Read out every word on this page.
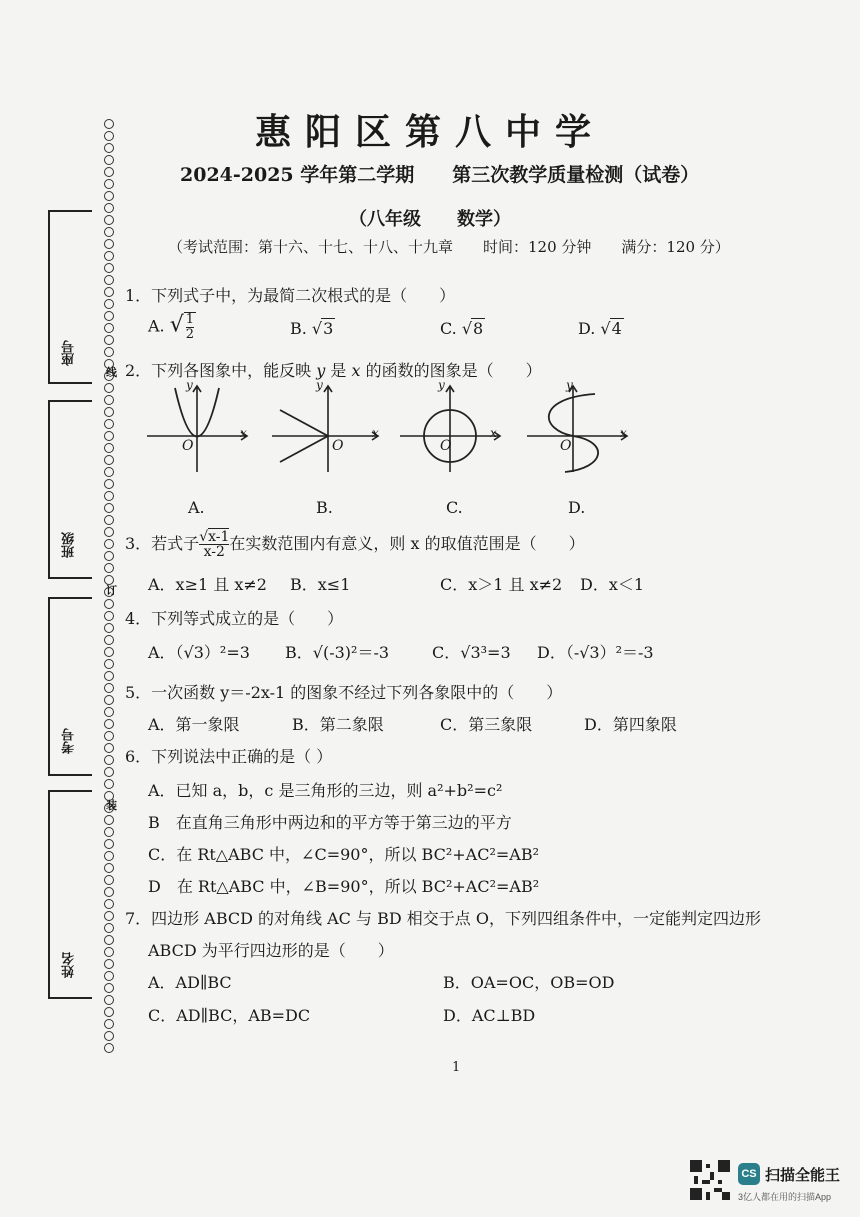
座号
班级
考号
姓名
线
订
装
惠阳区第八中学
2024-2025 学年第二学期　　第三次教学质量检测（试卷）
（八年级　　数学）
（考试范围：第十六、十七、十八、十九章　　时间：120 分钟　　满分：120 分）
1．下列式子中，为最简二次根式的是（　　）
A. √ $\frac{1}{2}$	B. √3	C. √8	D. √4
2．下列各图象中，能反映 y 是 x 的函数的图象是（　　）
y
x
O
y
x
O
y
x
O
y
x
O
A.	B.	C.	D.
3．若式子 $\frac{√x-1}{x-2}$ 在实数范围内有意义，则 x 的取值范围是（　　）
A．x≥1 且 x≠2 B．x≤1	C．x＞1 且 x≠2 D．x＜1
4．下列等式成立的是（　　）
A．（√3）²=3 B．√(-3)²＝-3	C．√3³=3 D．（-√3）²＝-3
5．一次函数 y＝-2x-1 的图象不经过下列各象限中的（　　）
A．第一象限	B．第二象限	C．第三象限	D．第四象限
6．下列说法中正确的是（ ）
A．已知 a，b，c 是三角形的三边，则 a²+b²=c²
B　在直角三角形中两边和的平方等于第三边的平方
C．在 Rt△ABC 中，∠C=90°，所以 BC²+AC²=AB²
D　在 Rt△ABC 中，∠B=90°，所以 BC²+AC²=AB²
7．四边形 ABCD 的对角线 AC 与 BD 相交于点 O，下列四组条件中，一定能判定四边形
ABCD 为平行四边形的是（　　）
A．AD∥BC	B．OA=OC，OB=OD
C．AD∥BC，AB=DC	D．AC⊥BD
1
CS 扫描全能王
3亿人都在用的扫描App
